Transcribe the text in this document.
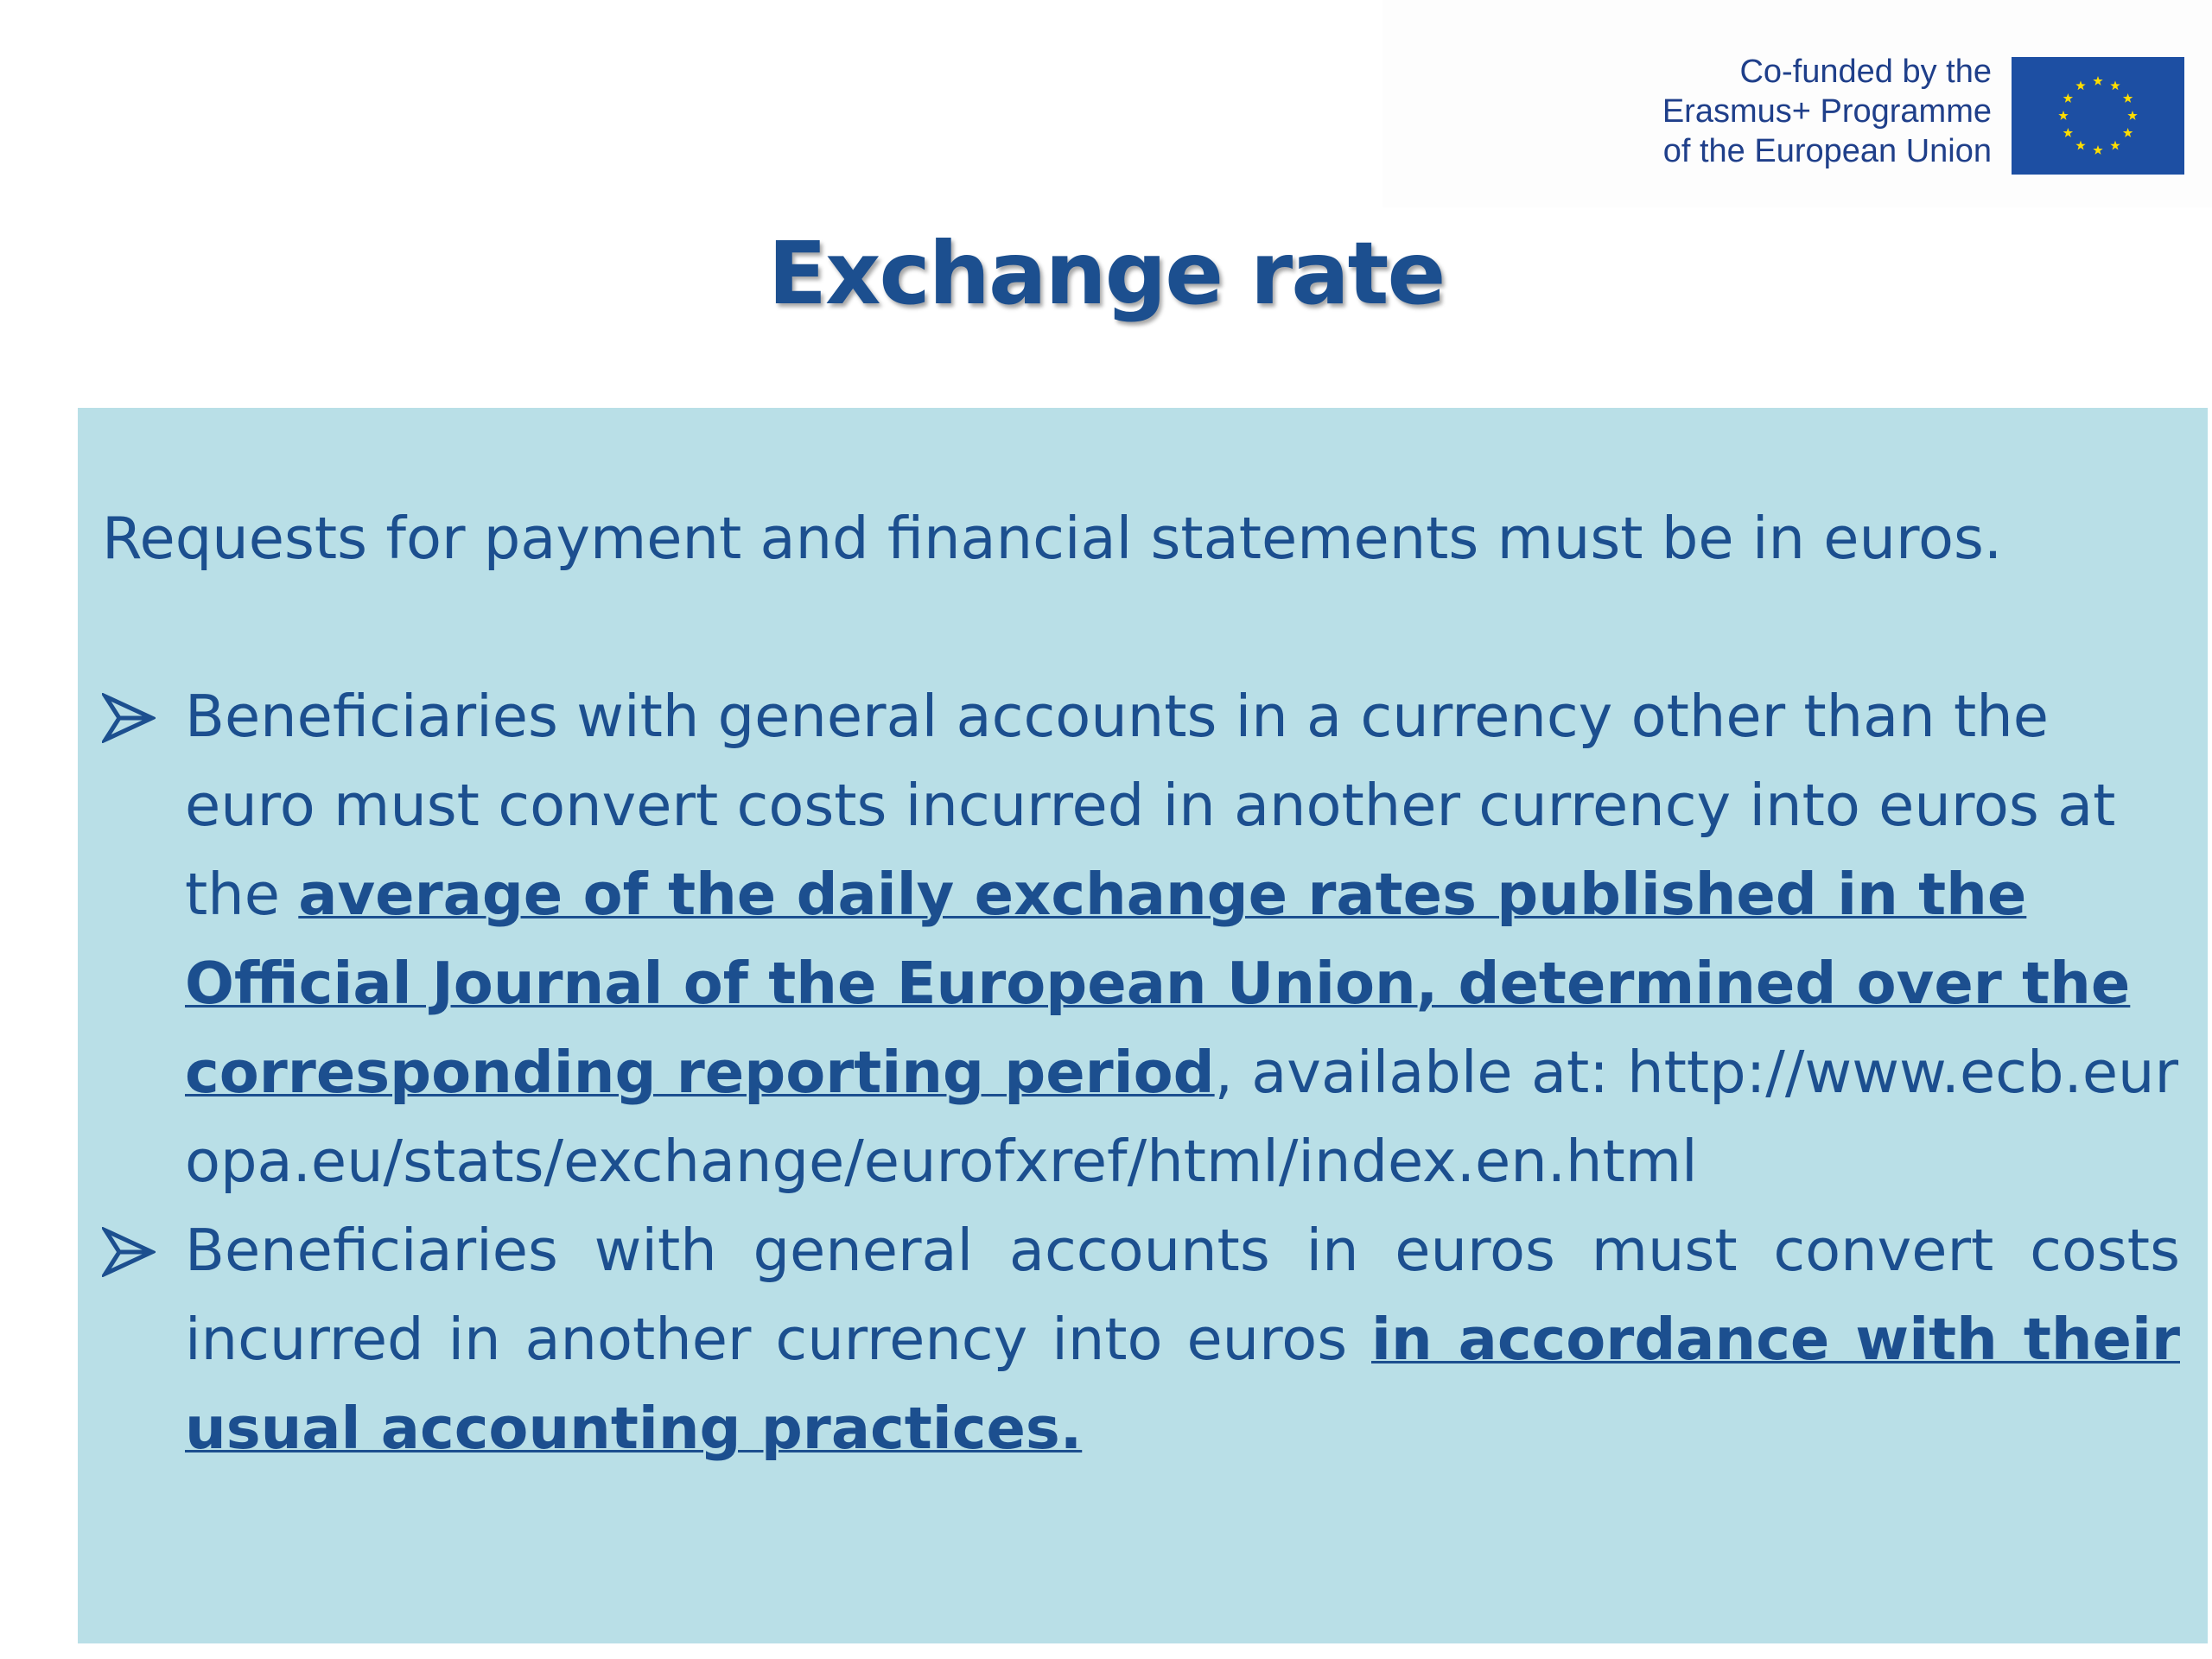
Co-funded by the
Erasmus+ Programme
of the European Union
Exchange rate

Requests for payment and financial statements must be in euros.

Beneficiaries with general accounts in a currency other than the euro must convert costs incurred in another currency into euros at the average of the daily exchange rates published in the Official Journal of the European Union, determined over the corresponding reporting period, available at: http://www.ecb.europa.eu/stats/exchange/eurofxref/html/index.en.html

Beneficiaries with general accounts in euros must convert costs incurred in another currency into euros in accordance with their usual accounting practices.
